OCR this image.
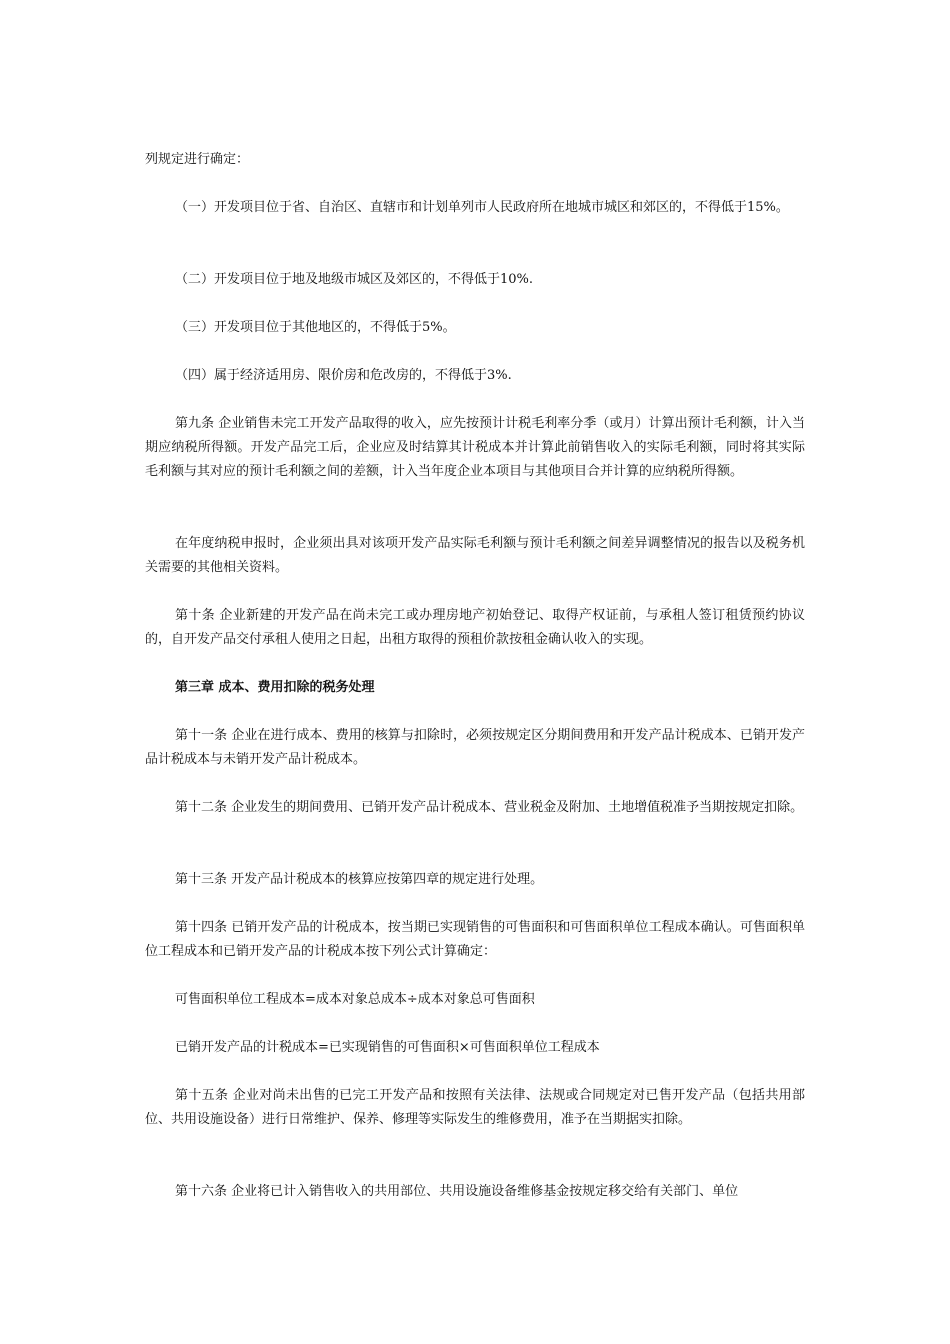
列规定进行确定：

（一）开发项目位于省、自治区、直辖市和计划单列市人民政府所在地城市城区和郊区的，不得低于15%。

（二）开发项目位于地及地级市城区及郊区的，不得低于10%.

（三）开发项目位于其他地区的，不得低于5%。

（四）属于经济适用房、限价房和危改房的，不得低于3%.

第九条 企业销售未完工开发产品取得的收入，应先按预计计税毛利率分季（或月）计算出预计毛利额，计入当期应纳税所得额。开发产品完工后，企业应及时结算其计税成本并计算此前销售收入的实际毛利额，同时将其实际毛利额与其对应的预计毛利额之间的差额，计入当年度企业本项目与其他项目合并计算的应纳税所得额。

在年度纳税申报时，企业须出具对该项开发产品实际毛利额与预计毛利额之间差异调整情况的报告以及税务机关需要的其他相关资料。

第十条 企业新建的开发产品在尚未完工或办理房地产初始登记、取得产权证前，与承租人签订租赁预约协议的，自开发产品交付承租人使用之日起，出租方取得的预租价款按租金确认收入的实现。

第三章 成本、费用扣除的税务处理

第十一条 企业在进行成本、费用的核算与扣除时，必须按规定区分期间费用和开发产品计税成本、已销开发产品计税成本与未销开发产品计税成本。

第十二条 企业发生的期间费用、已销开发产品计税成本、营业税金及附加、土地增值税准予当期按规定扣除。

第十三条 开发产品计税成本的核算应按第四章的规定进行处理。

第十四条 已销开发产品的计税成本，按当期已实现销售的可售面积和可售面积单位工程成本确认。可售面积单位工程成本和已销开发产品的计税成本按下列公式计算确定：

可售面积单位工程成本=成本对象总成本÷成本对象总可售面积

已销开发产品的计税成本=已实现销售的可售面积×可售面积单位工程成本

第十五条 企业对尚未出售的已完工开发产品和按照有关法律、法规或合同规定对已售开发产品（包括共用部位、共用设施设备）进行日常维护、保养、修理等实际发生的维修费用，准予在当期据实扣除。

第十六条 企业将已计入销售收入的共用部位、共用设施设备维修基金按规定移交给有关部门、单位
